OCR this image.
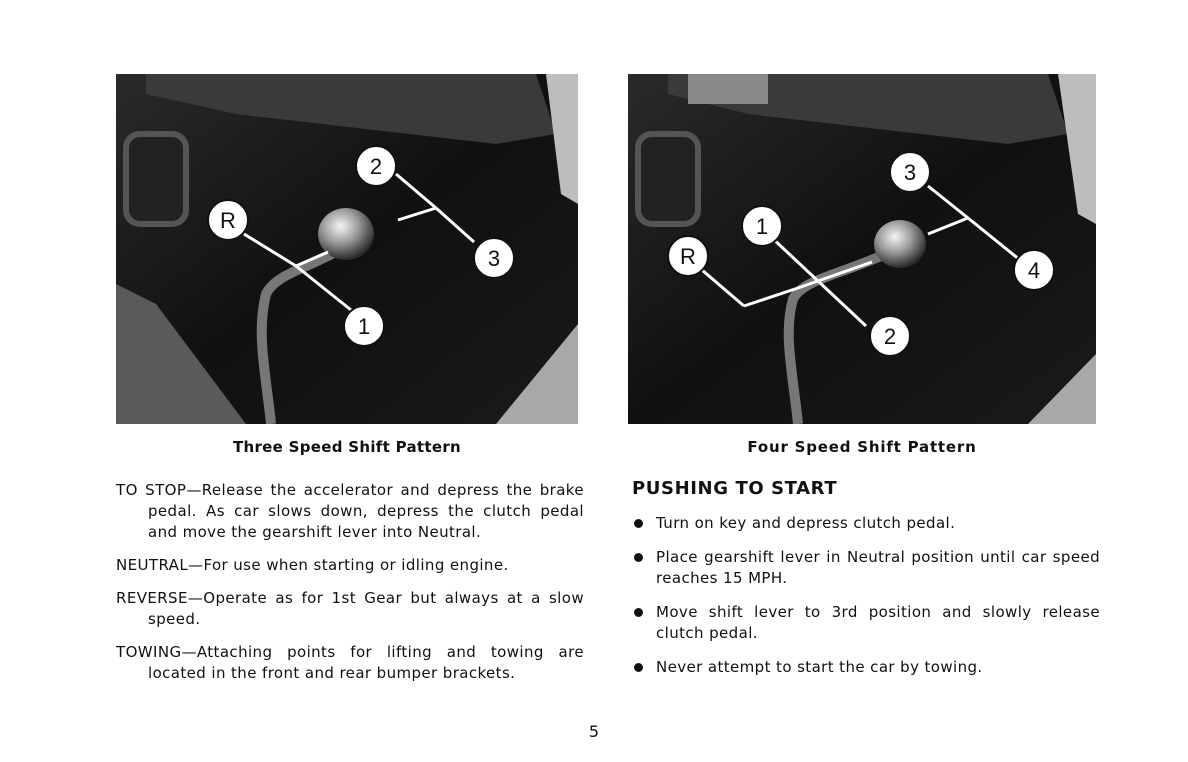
R
2
3
1
Three Speed Shift Pattern
R
1
3
4
2
Four Speed Shift Pattern

TO STOP—Release the accelerator and depress the brake pedal. As car slows down, depress the clutch pedal and move the gearshift lever into Neutral.

NEUTRAL—For use when starting or idling engine.

REVERSE—Operate as for 1st Gear but always at a slow speed.

TOWING—Attaching points for lifting and towing are located in the front and rear bumper brackets.

PUSHING TO START
Turn on key and depress clutch pedal.
Place gearshift lever in Neutral position until car speed reaches 15 MPH.
Move shift lever to 3rd position and slowly release clutch pedal.
Never attempt to start the car by towing.
5
